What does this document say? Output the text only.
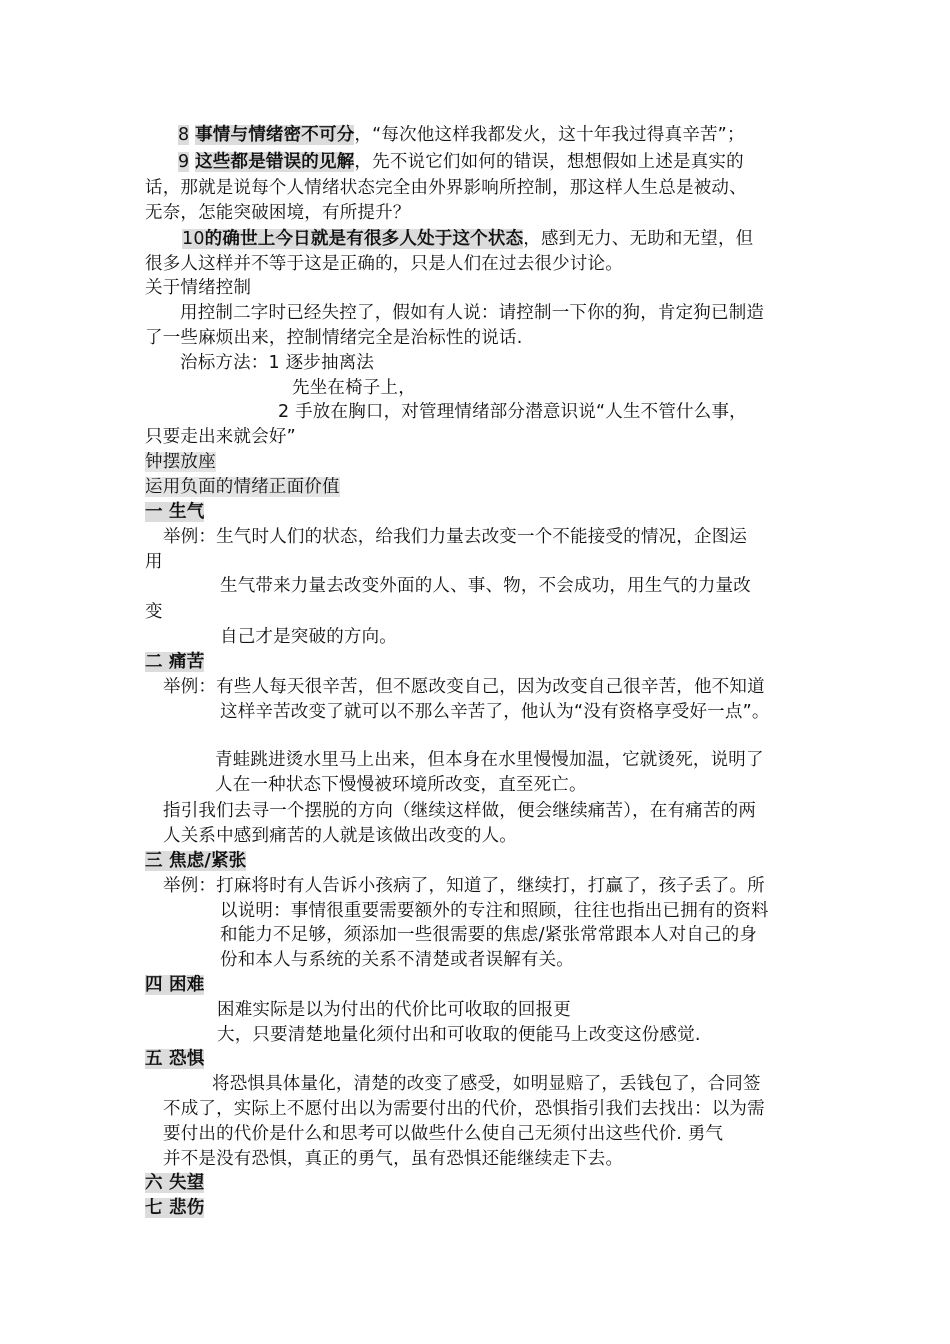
8 事情与情绪密不可分，“每次他这样我都发火，这十年我过得真辛苦”；
9 这些都是错误的见解，先不说它们如何的错误，想想假如上述是真实的
话，那就是说每个人情绪状态完全由外界影响所控制，那这样人生总是被动、
无奈，怎能突破困境，有所提升？
10的确世上今日就是有很多人处于这个状态，感到无力、无助和无望，但
很多人这样并不等于这是正确的，只是人们在过去很少讨论。
关于情绪控制
用控制二字时已经失控了，假如有人说：请控制一下你的狗，肯定狗已制造
了一些麻烦出来，控制情绪完全是治标性的说话.
治标方法：1 逐步抽离法
先坐在椅子上，
2 手放在胸口，对管理情绪部分潜意识说“人生不管什么事，
只要走出来就会好”
钟摆放座
运用负面的情绪正面价值
一 生气
举例：生气时人们的状态，给我们力量去改变一个不能接受的情况，企图运
用
生气带来力量去改变外面的人、事、物，不会成功，用生气的力量改
变
自己才是突破的方向。
二 痛苦
举例：有些人每天很辛苦，但不愿改变自己，因为改变自己很辛苦，他不知道
这样辛苦改变了就可以不那么辛苦了，他认为“没有资格享受好一点”。
青蛙跳进烫水里马上出来，但本身在水里慢慢加温，它就烫死，说明了
人在一种状态下慢慢被环境所改变，直至死亡。
指引我们去寻一个摆脱的方向（继续这样做，便会继续痛苦），在有痛苦的两
人关系中感到痛苦的人就是该做出改变的人。
三 焦虑/紧张
举例：打麻将时有人告诉小孩病了，知道了，继续打，打赢了，孩子丢了。所
以说明：事情很重要需要额外的专注和照顾，往往也指出已拥有的资料
和能力不足够，须添加一些很需要的焦虑/紧张常常跟本人对自己的身
份和本人与系统的关系不清楚或者误解有关。
四 困难
困难实际是以为付出的代价比可收取的回报更
大，只要清楚地量化须付出和可收取的便能马上改变这份感觉.
五 恐惧
将恐惧具体量化，清楚的改变了感受，如明显赔了，丢钱包了，合同签
不成了，实际上不愿付出以为需要付出的代价，恐惧指引我们去找出：以为需
要付出的代价是什么和思考可以做些什么使自己无须付出这些代价. 勇气
并不是没有恐惧，真正的勇气，虽有恐惧还能继续走下去。
六 失望
七 悲伤
